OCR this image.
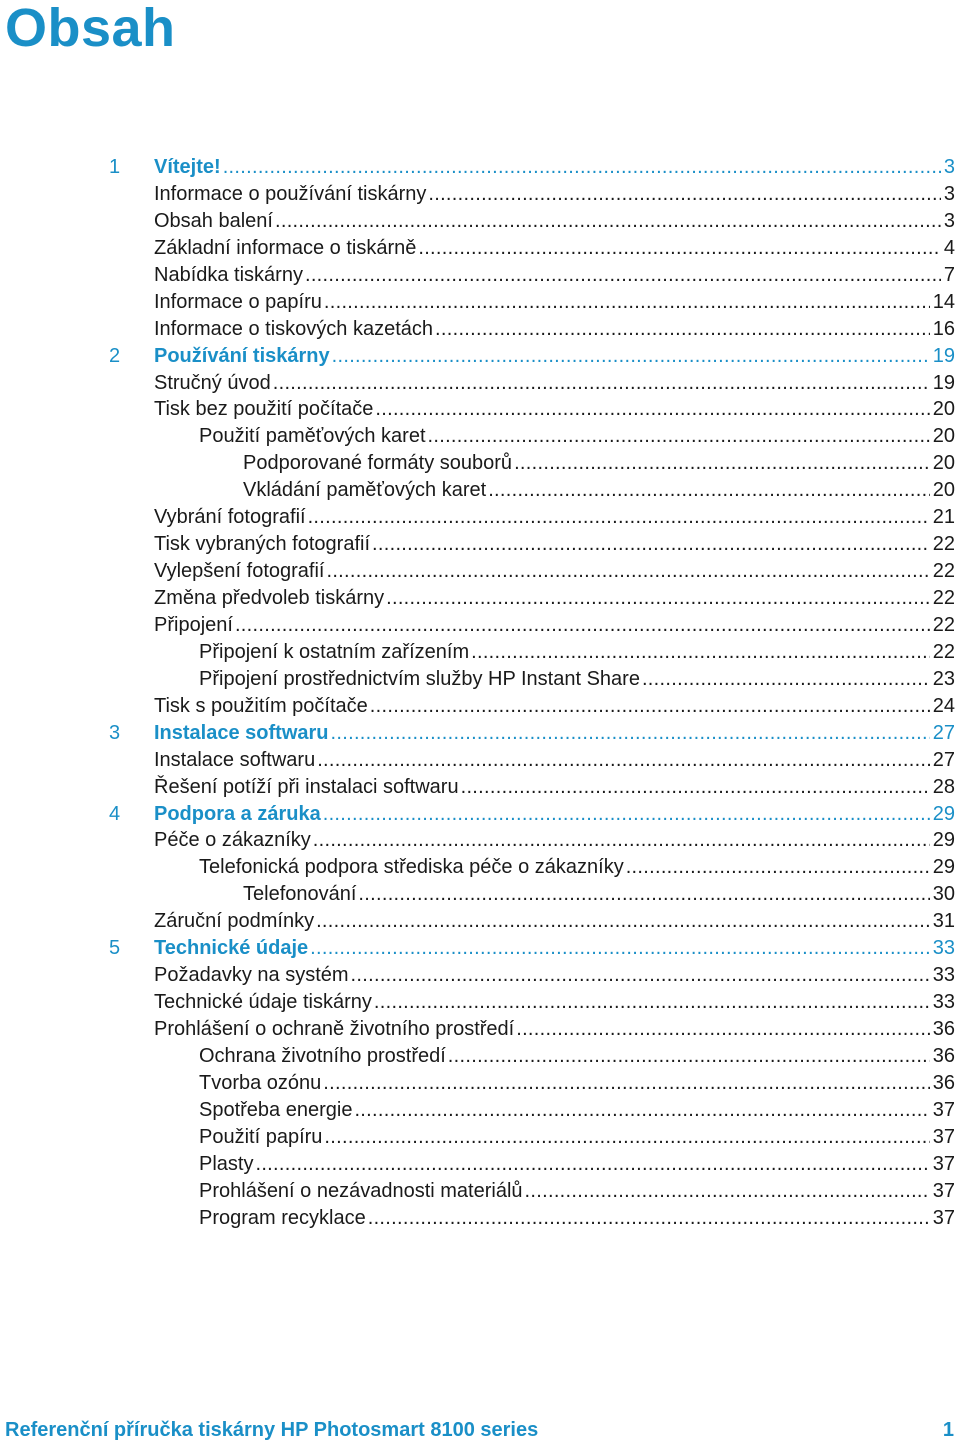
Obsah
1	Vítejte! .....	3
Informace o používání tiskárny .....	3
Obsah balení .....	3
Základní informace o tiskárně .....	4
Nabídka tiskárny .....	7
Informace o papíru .....	14
Informace o tiskových kazetách .....	16
2	Používání tiskárny .....	19
Stručný úvod .....	19
Tisk bez použití počítače .....	20
Použití paměťových karet .....	20
Podporované formáty souborů .....	20
Vkládání paměťových karet .....	20
Vybrání fotografií .....	21
Tisk vybraných fotografií .....	22
Vylepšení fotografií .....	22
Změna předvoleb tiskárny .....	22
Připojení .....	22
Připojení k ostatním zařízením .....	22
Připojení prostřednictvím služby HP Instant Share .....	23
Tisk s použitím počítače .....	24
3	Instalace softwaru .....	27
Instalace softwaru .....	27
Řešení potíží při instalaci softwaru .....	28
4	Podpora a záruka .....	29
Péče o zákazníky .....	29
Telefonická podpora střediska péče o zákazníky .....	29
Telefonování .....	30
Záruční podmínky .....	31
5	Technické údaje .....	33
Požadavky na systém .....	33
Technické údaje tiskárny .....	33
Prohlášení o ochraně životního prostředí .....	36
Ochrana životního prostředí .....	36
Tvorba ozónu .....	36
Spotřeba energie .....	37
Použití papíru .....	37
Plasty .....	37
Prohlášení o nezávadnosti materiálů .....	37
Program recyklace .....	37
Referenční příručka tiskárny HP Photosmart 8100 series	1
